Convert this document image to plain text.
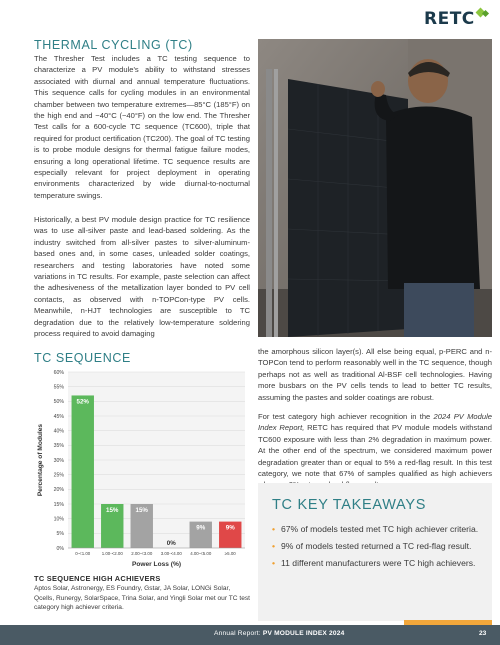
RETC
THERMAL CYCLING (TC)

The Thresher Test includes a TC testing sequence to characterize a PV module's ability to withstand stresses associated with diurnal and annual temperature fluctuations. This sequence calls for cycling modules in an environmental chamber between two temperature extremes—85°C (185°F) on the high end and −40°C (−40°F) on the low end. The Thresher Test calls for a 600-cycle TC sequence (TC600), triple that required for product certification (TC200). The goal of TC testing is to probe module designs for thermal fatigue failure modes, ensuring a long operational lifetime. TC sequence results are especially relevant for project deployment in operating environments characterized by wide diurnal-to-nocturnal temperature swings.

Historically, a best PV module design practice for TC resilience was to use all-silver paste and lead-based soldering. As the industry switched from all-silver pastes to silver-aluminum-based ones and, in some cases, unleaded solder coatings, researchers and testing laboratories have noted some variations in TC results. For example, paste selection can affect the adhesiveness of the metallization layer bonded to PV cell contacts, as observed with n-TOPCon-type PV cells. Meanwhile, n-HJT technologies are susceptible to TC degradation due to the relatively low-temperature soldering process required to avoid damaging

the amorphous silicon layer(s). All else being equal, p-PERC and n-TOPCon tend to perform reasonably well in the TC sequence, though perhaps not as well as traditional Al-BSF cell technologies. Having more busbars on the PV cells tends to lead to better TC results, assuming the pastes and solder coatings are robust.

For test category high achiever recognition in the 2024 PV Module Index Report, RETC has required that PV module models withstand TC600 exposure with less than 2% degradation in maximum power. At the other end of the spectrum, we considered maximum power degradation greater than or equal to 5% a red-flag result. In this test category, we note that 67% of samples qualified as high achievers

TC SEQUENCE
0%
5%
10%
15%
20%
25%
30%
35%
40%
45%
50%
55%
60%
52%
0-<1.00
15%
1.00-<2.00
15%
2.00-<3.00
0%
3.00-<4.00
9%
4.00-<5.00
9%
≥5.00
Power Loss (%)
Percentage of Modules
TC SEQUENCE HIGH ACHIEVERS

Aptos Solar, Astronergy, ES Foundry, Gstar, JA Solar, LONGi Solar, Qcells, Runergy, SolarSpace, Trina Solar, and Yingli Solar met our TC test category high achiever criteria.

TC KEY TAKEAWAYS
• 67% of models tested met TC high achiever criteria.
• 9% of models tested returned a TC red-flag result.
• 11 different manufacturers were TC high achievers.
Annual Report: PV MODULE INDEX 2024	23
